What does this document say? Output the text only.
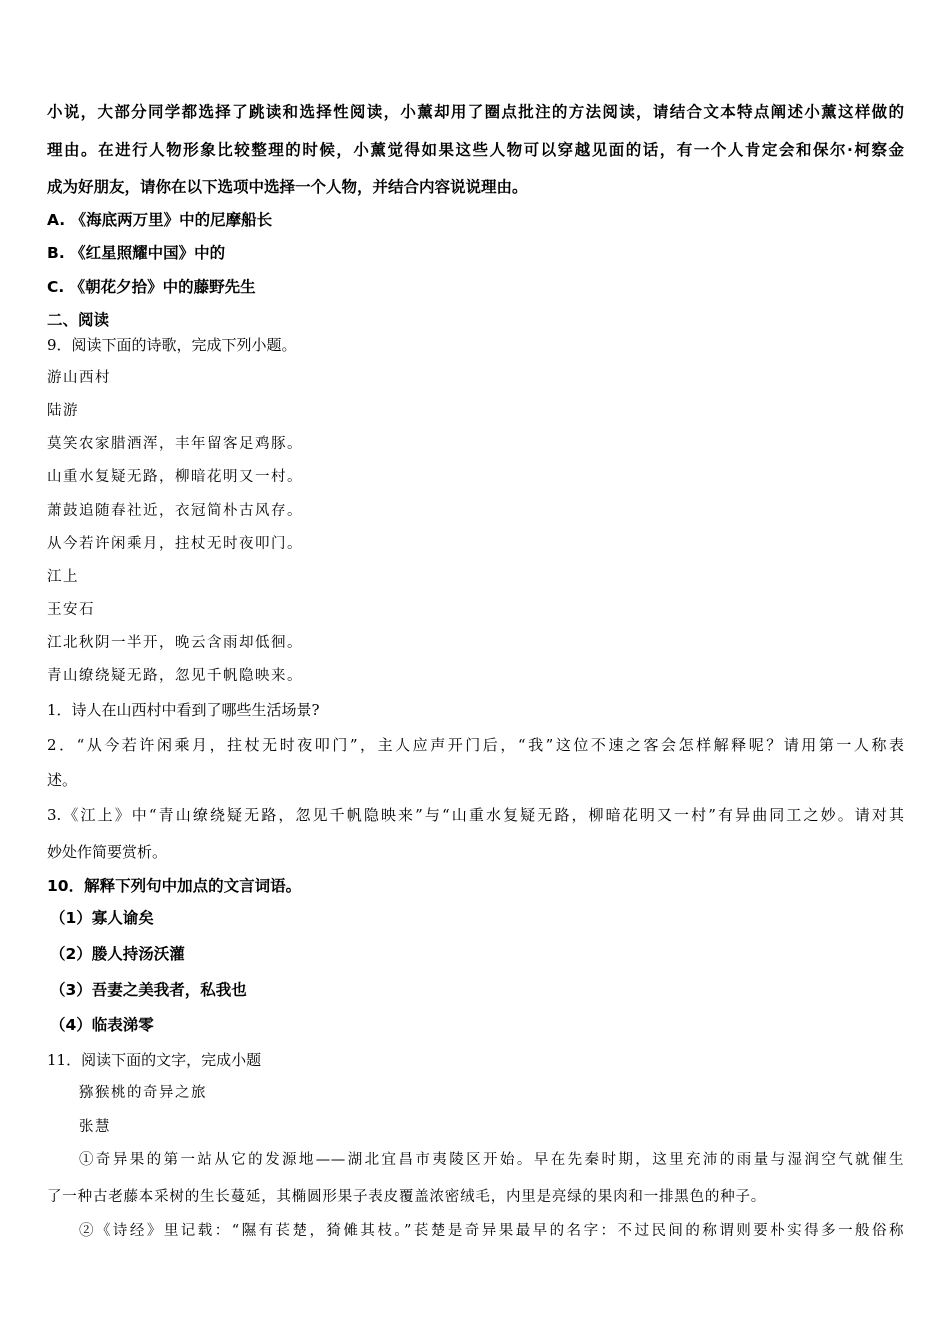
小说，大部分同学都选择了跳读和选择性阅读，小薰却用了圈点批注的方法阅读，请结合文本特点阐述小薰这样做的
理由。在进行人物形象比较整理的时候，小薰觉得如果这些人物可以穿越见面的话，有一个人肯定会和保尔·柯察金
成为好朋友，请你在以下选项中选择一个人物，并结合内容说说理由。
A. 《海底两万里》中的尼摩船长
B. 《红星照耀中国》中的
C. 《朝花夕拾》中的藤野先生
二、阅读
9．阅读下面的诗歌，完成下列小题。
游山西村
陆游
莫笑农家腊酒浑，丰年留客足鸡豚。
山重水复疑无路，柳暗花明又一村。
萧鼓追随春社近，衣冠简朴古风存。
从今若许闲乘月，拄杖无时夜叩门。
江上
王安石
江北秋阴一半开，晚云含雨却低徊。
青山缭绕疑无路，忽见千帆隐映来。
1．诗人在山西村中看到了哪些生活场景?
2．“从今若许闲乘月，拄杖无时夜叩门”，主人应声开门后，“我”这位不速之客会怎样解释呢？请用第一人称表
述。
3.《江上》中“青山缭绕疑无路，忽见千帆隐映来”与“山重水复疑无路，柳暗花明又一村”有异曲同工之妙。请对其
妙处作简要赏析。
10．解释下列句中加点的文言词语。
（1）寡人谕矣
（2）媵人持汤沃灌
（3）吾妻之美我者，私我也
（4）临表涕零
11．阅读下面的文字，完成小题
猕猴桃的奇异之旅
张慧
①奇异果的第一站从它的发源地——湖北宜昌市夷陵区开始。早在先秦时期，这里充沛的雨量与湿润空气就催生
了一种古老藤本采树的生长蔓延，其椭圆形果子表皮覆盖浓密绒毛，内里是亮绿的果肉和一排黑色的种子。
②《诗经》里记载：“隰有苌楚，猗傩其枝。”苌楚是奇异果最早的名字：不过民间的称谓则要朴实得多一般俗称
